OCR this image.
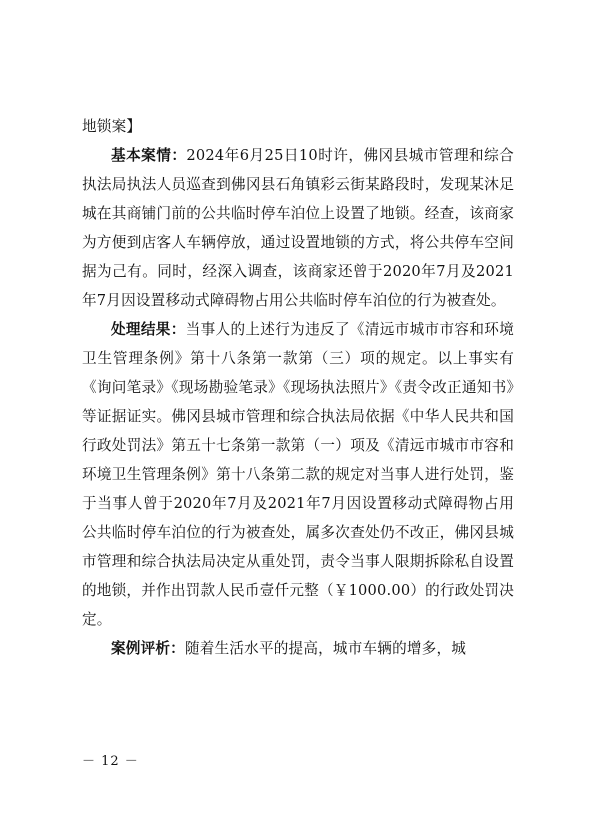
地锁案】

基本案情：2024年6月25日10时许，佛冈县城市管理和综合执法局执法人员巡查到佛冈县石角镇彩云街某路段时，发现某沐足城在其商铺门前的公共临时停车泊位上设置了地锁。经查，该商家为方便到店客人车辆停放，通过设置地锁的方式，将公共停车空间据为己有。同时，经深入调查，该商家还曾于2020年7月及2021年7月因设置移动式障碍物占用公共临时停车泊位的行为被查处。

处理结果：当事人的上述行为违反了《清远市城市市容和环境卫生管理条例》第十八条第一款第（三）项的规定。以上事实有《询问笔录》《现场勘验笔录》《现场执法照片》《责令改正通知书》等证据证实。佛冈县城市管理和综合执法局依据《中华人民共和国行政处罚法》第五十七条第一款第（一）项及《清远市城市市容和环境卫生管理条例》第十八条第二款的规定对当事人进行处罚，鉴于当事人曾于2020年7月及2021年7月因设置移动式障碍物占用公共临时停车泊位的行为被查处，属多次查处仍不改正，佛冈县城市管理和综合执法局决定从重处罚，责令当事人限期拆除私自设置的地锁，并作出罚款人民币壹仟元整（￥1000.00）的行政处罚决定。

案例评析：随着生活水平的提高，城市车辆的增多，城

－ 12 －
